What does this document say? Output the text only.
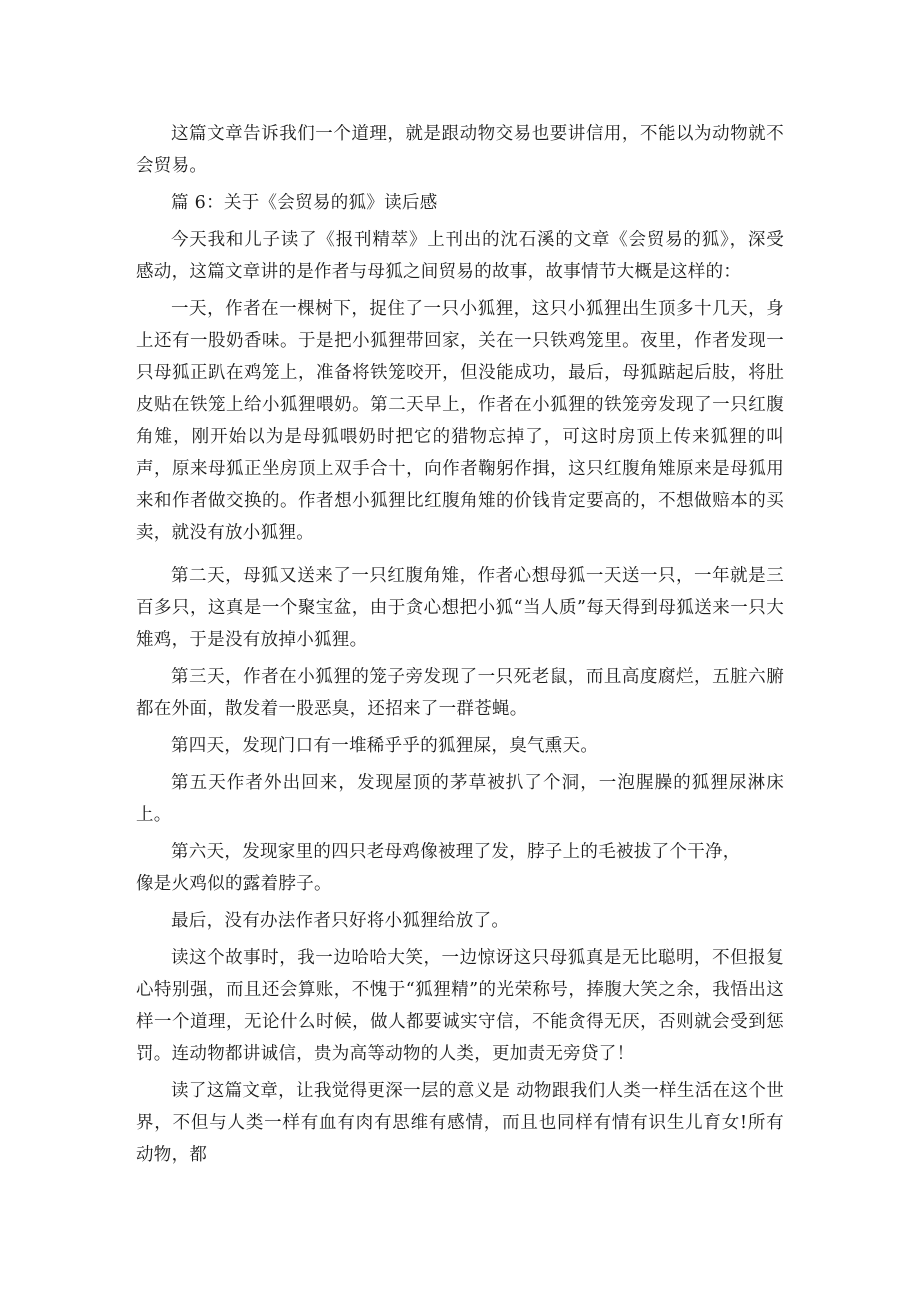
这篇文章告诉我们一个道理，就是跟动物交易也要讲信用，不能以为动物就不会贸易。

篇 6：关于《会贸易的狐》读后感

今天我和儿子读了《报刊精萃》上刊出的沈石溪的文章《会贸易的狐》，深受感动，这篇文章讲的是作者与母狐之间贸易的故事，故事情节大概是这样的：

一天，作者在一棵树下，捉住了一只小狐狸，这只小狐狸出生顶多十几天，身上还有一股奶香味。于是把小狐狸带回家，关在一只铁鸡笼里。夜里，作者发现一只母狐正趴在鸡笼上，准备将铁笼咬开，但没能成功，最后，母狐踮起后肢，将肚皮贴在铁笼上给小狐狸喂奶。第二天早上，作者在小狐狸的铁笼旁发现了一只红腹角雉，刚开始以为是母狐喂奶时把它的猎物忘掉了，可这时房顶上传来狐狸的叫声，原来母狐正坐房顶上双手合十，向作者鞠躬作揖，这只红腹角雉原来是母狐用来和作者做交换的。作者想小狐狸比红腹角雉的价钱肯定要高的，不想做赔本的买卖，就没有放小狐狸。

第二天，母狐又送来了一只红腹角雉，作者心想母狐一天送一只，一年就是三百多只，这真是一个聚宝盆，由于贪心想把小狐“当人质”每天得到母狐送来一只大雉鸡，于是没有放掉小狐狸。

第三天，作者在小狐狸的笼子旁发现了一只死老鼠，而且高度腐烂，五脏六腑都在外面，散发着一股恶臭，还招来了一群苍蝇。

第四天，发现门口有一堆稀乎乎的狐狸屎，臭气熏天。

第五天作者外出回来，发现屋顶的茅草被扒了个洞，一泡腥臊的狐狸尿淋床上。

第六天，发现家里的四只老母鸡像被理了发，脖子上的毛被拔了个干净，

像是火鸡似的露着脖子。

最后，没有办法作者只好将小狐狸给放了。

读这个故事时，我一边哈哈大笑，一边惊讶这只母狐真是无比聪明，不但报复心特别强，而且还会算账，不愧于“狐狸精”的光荣称号，捧腹大笑之余，我悟出这样一个道理，无论什么时候，做人都要诚实守信，不能贪得无厌，否则就会受到惩罚。连动物都讲诚信，贵为高等动物的人类，更加责无旁贷了！

读了这篇文章，让我觉得更深一层的意义是 动物跟我们人类一样生活在这个世界，不但与人类一样有血有肉有思维有感情，而且也同样有情有识生儿育女!所有动物，都
